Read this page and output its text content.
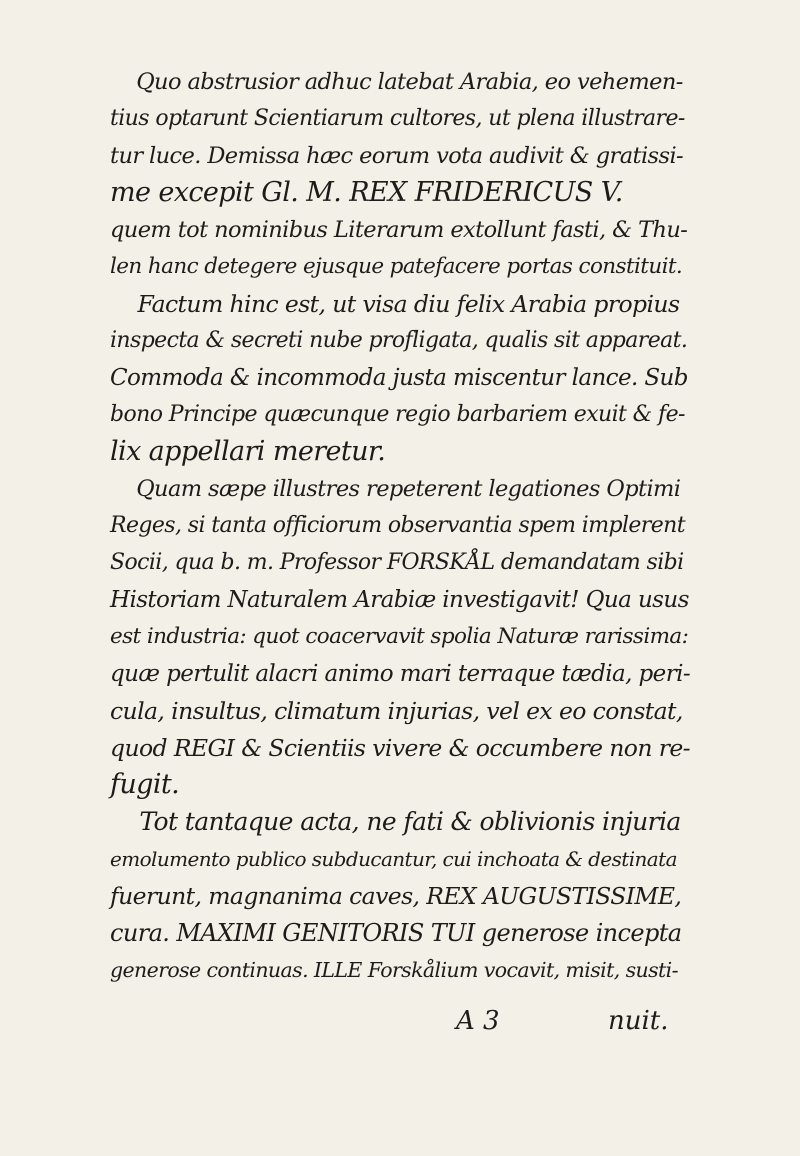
Quo abstrusior adhuc latebat Arabia, eo vehemen-
tius optarunt Scientiarum cultores, ut plena illustrare-
tur luce. Demissa hæc eorum vota audivit & gratissi-
me excepit Gl. M. REX FRIDERICUS V.
quem tot nominibus Literarum extollunt fasti, & Thu-
len hanc detegere ejusque patefacere portas constituit.
Factum hinc est, ut visa diu felix Arabia propius
inspecta & secreti nube profligata, qualis sit appareat.
Commoda & incommoda justa miscentur lance. Sub
bono Principe quæcunque regio barbariem exuit & fe-
lix appellari meretur.
Quam sæpe illustres repeterent legationes Optimi
Reges, si tanta officiorum observantia spem implerent
Socii, qua b. m. Professor FORSKÅL demandatam sibi
Historiam Naturalem Arabiæ investigavit! Qua usus
est industria: quot coacervavit spolia Naturæ rarissima:
quæ pertulit alacri animo mari terraque tædia, peri-
cula, insultus, climatum injurias, vel ex eo constat,
quod REGI & Scientiis vivere & occumbere non re-
fugit.
Tot tantaque acta, ne fati & oblivionis injuria
emolumento publico subducantur, cui inchoata & destinata
fuerunt, magnanima caves, REX AUGUSTISSIME,
cura. MAXIMI GENITORIS TUI generose incepta
generose continuas. ILLE Forskålium vocavit, misit, susti-
A 3	nuit.
